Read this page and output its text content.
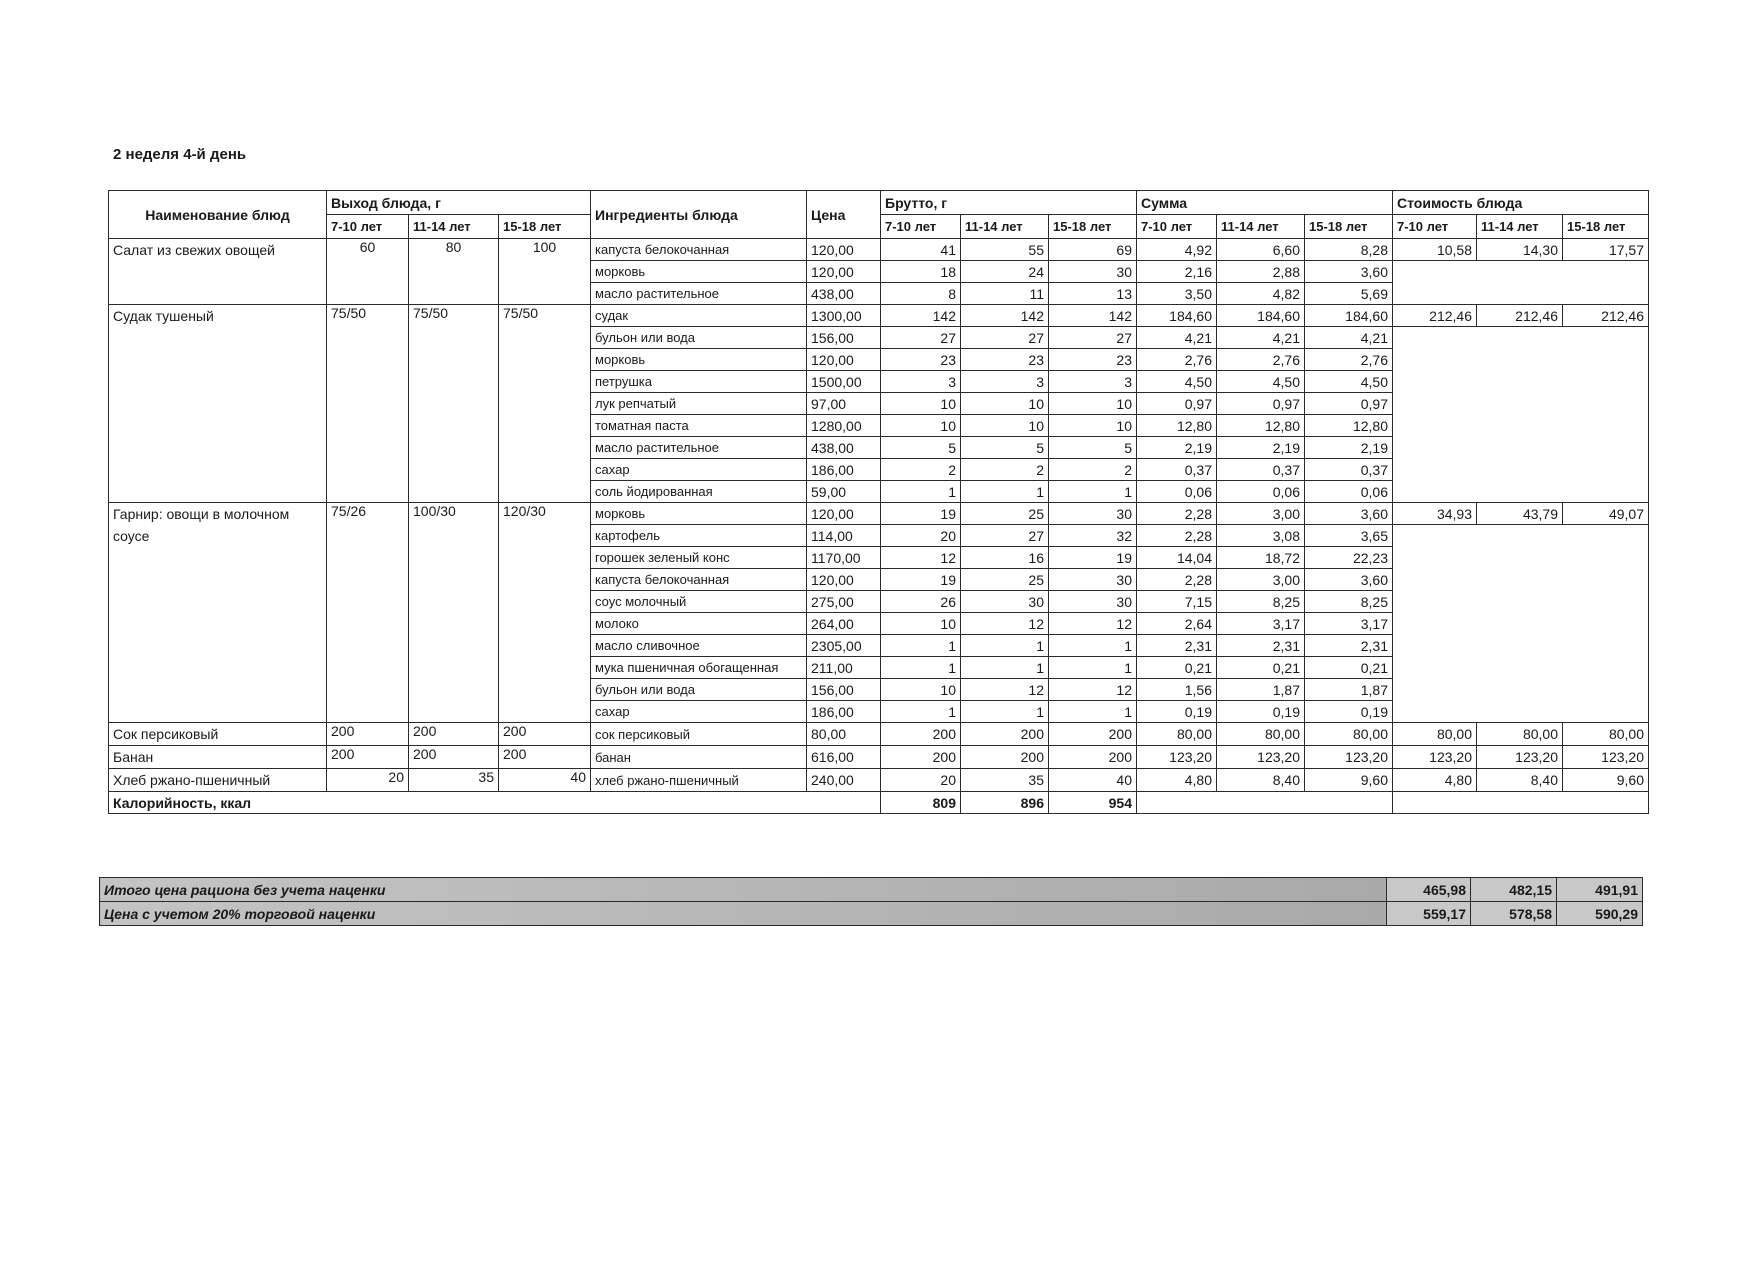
2 неделя 4-й день
Наименование блюд	Выход блюда, г			Ингредиенты блюда	Цена	Брутто, г			Сумма			Стоимость блюда		
	7-10 лет	11-14 лет	15-18 лет			7-10 лет	11-14 лет	15-18 лет	7-10 лет	11-14 лет	15-18 лет	7-10 лет	11-14 лет	15-18 лет
Салат из свежих овощей	60	80	100	капуста белокочанная	120,00	41	55	69	4,92	6,60	8,28	10,58	14,30	17,57
				морковь	120,00	18	24	30	2,16	2,88	3,60			
				масло растительное	438,00	8	11	13	3,50	4,82	5,69			
Судак тушеный	75/50	75/50	75/50	судак	1300,00	142	142	142	184,60	184,60	184,60	212,46	212,46	212,46
				бульон или вода	156,00	27	27	27	4,21	4,21	4,21			
				морковь	120,00	23	23	23	2,76	2,76	2,76			
				петрушка	1500,00	3	3	3	4,50	4,50	4,50			
				лук репчатый	97,00	10	10	10	0,97	0,97	0,97			
				томатная паста	1280,00	10	10	10	12,80	12,80	12,80			
				масло растительное	438,00	5	5	5	2,19	2,19	2,19			
				сахар	186,00	2	2	2	0,37	0,37	0,37			
				соль йодированная	59,00	1	1	1	0,06	0,06	0,06			
Гарнир: овощи в молочном соусе	75/26	100/30	120/30	морковь	120,00	19	25	30	2,28	3,00	3,60	34,93	43,79	49,07
				картофель	114,00	20	27	32	2,28	3,08	3,65			
				горошек зеленый конс	1170,00	12	16	19	14,04	18,72	22,23			
				капуста белокочанная	120,00	19	25	30	2,28	3,00	3,60			
				соус молочный	275,00	26	30	30	7,15	8,25	8,25			
				молоко	264,00	10	12	12	2,64	3,17	3,17			
				масло сливочное	2305,00	1	1	1	2,31	2,31	2,31			
				мука пшеничная обогащенная	211,00	1	1	1	0,21	0,21	0,21			
				бульон или вода	156,00	10	12	12	1,56	1,87	1,87			
				сахар	186,00	1	1	1	0,19	0,19	0,19			
Сок персиковый	200	200	200	сок персиковый	80,00	200	200	200	80,00	80,00	80,00	80,00	80,00	80,00
Банан	200	200	200	банан	616,00	200	200	200	123,20	123,20	123,20	123,20	123,20	123,20
Хлеб ржано-пшеничный	20	35	40	хлеб ржано-пшеничный	240,00	20	35	40	4,80	8,40	9,60	4,80	8,40	9,60
Калорийность, ккал						809	896	954						
Итого цена рациона без учета наценки	465,98	482,15	491,91
Цена с учетом 20% торговой наценки	559,17	578,58	590,29
